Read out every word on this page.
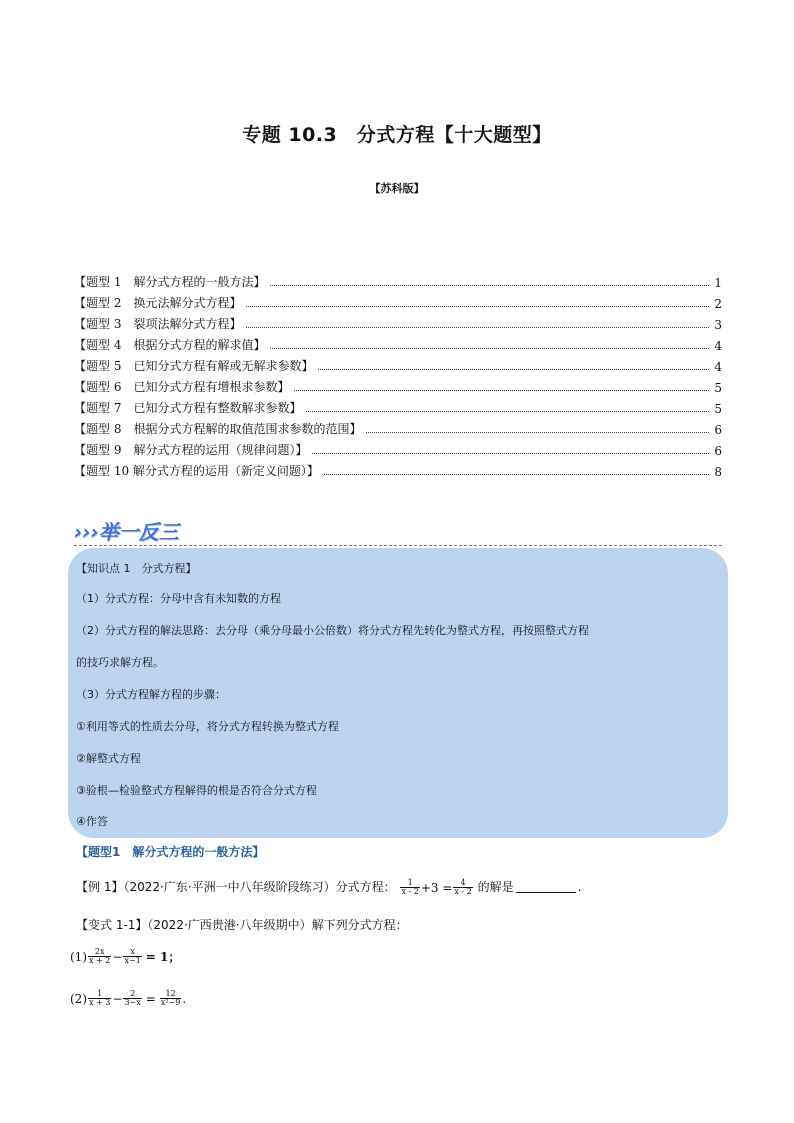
专题 10.3　分式方程【十大题型】
【苏科版】
【题型 1　解分式方程的一般方法】	1
【题型 2　换元法解分式方程】	2
【题型 3　裂项法解分式方程】	3
【题型 4　根据分式方程的解求值】	4
【题型 5　已知分式方程有解或无解求参数】	4
【题型 6　已知分式方程有增根求参数】	5
【题型 7　已知分式方程有整数解求参数】	5
【题型 8　根据分式方程解的取值范围求参数的范围】	6
【题型 9　解分式方程的运用（规律问题）】	6
【题型 10 解分式方程的运用（新定义问题）】	8
›››举一反三
【知识点 1　分式方程】
（1）分式方程：分母中含有未知数的方程
（2）分式方程的解法思路：去分母（乘分母最小公倍数）将分式方程先转化为整式方程，再按照整式方程
的技巧求解方程。
（3）分式方程解方程的步骤：
①利用等式的性质去分母，将分式方程转换为整式方程
②解整式方程
③验根—检验整式方程解得的根是否符合分式方程
④作答
【题型1　解分式方程的一般方法】
【例 1】（2022·广东·平洲一中八年级阶段练习）分式方程： $\frac{1}{x - 2} +3 = \frac{4}{x - 2}$ 的解是	.
【变式 1-1】（2022·广西贵港·八年级期中）解下列分式方程：
$(1) \frac{2x}{x + 2} - \frac{x}{x-1} = 1$；
$(2) \frac{1}{x + 3} - \frac{2}{3-x} = \frac{12}{\text{x²−9}}$ .
